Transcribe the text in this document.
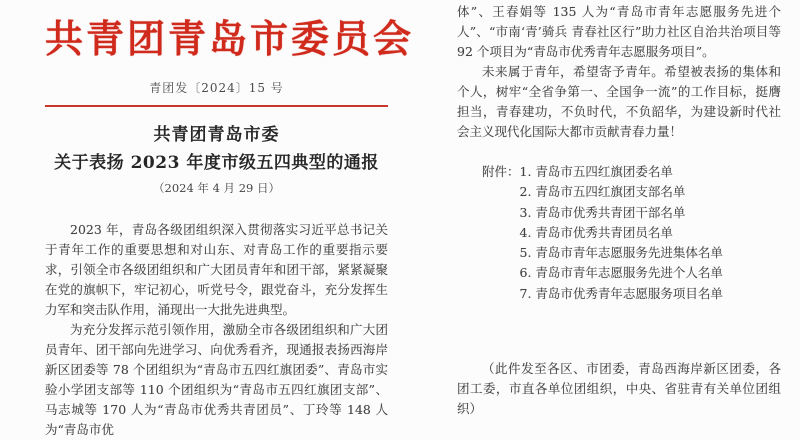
共青团青岛市委员会
青团发〔2024〕15 号
共青团青岛市委
关于表扬 2023 年度市级五四典型的通报
（2024 年 4 月 29 日）

2023 年，青岛各级团组织深入贯彻落实习近平总书记关于青年工作的重要思想和对山东、对青岛工作的重要指示要求，引领全市各级团组织和广大团员青年和团干部，紧紧凝聚在党的旗帜下，牢记初心，听党号令，跟党奋斗，充分发挥生力军和突击队作用，涌现出一大批先进典型。

为充分发挥示范引领作用，激励全市各级团组织和广大团员青年、团干部向先进学习、向优秀看齐，现通报表扬西海岸新区团委等 78 个团组织为“青岛市五四红旗团委”、青岛市实验小学团支部等 110 个团组织为“青岛市五四红旗团支部”、马志城等 170 人为“青岛市优秀共青团员”、丁玲等 148 人为“青岛市优

体”、王春娟等 135 人为“青岛市青年志愿服务先进个人”、“市南‘青’骑兵 青春社区行”助力社区自治共治项目等 92 个项目为“青岛市优秀青年志愿服务项目”。

未来属于青年，希望寄予青年。希望被表扬的集体和个人，树牢“全省争第一、全国争一流”的工作目标，挺膺担当，青春建功，不负时代，不负韶华，为建设新时代社会主义现代化国际大都市贡献青春力量！

附件： 1. 青岛市五四红旗团委名单
2. 青岛市五四红旗团支部名单
3. 青岛市优秀共青团干部名单
4. 青岛市优秀共青团员名单
5. 青岛市青年志愿服务先进集体名单
6. 青岛市青年志愿服务先进个人名单
7. 青岛市优秀青年志愿服务项目名单

（此件发至各区、市团委，青岛西海岸新区团委，各团工委，市直各单位团组织，中央、省驻青有关单位团组织）
